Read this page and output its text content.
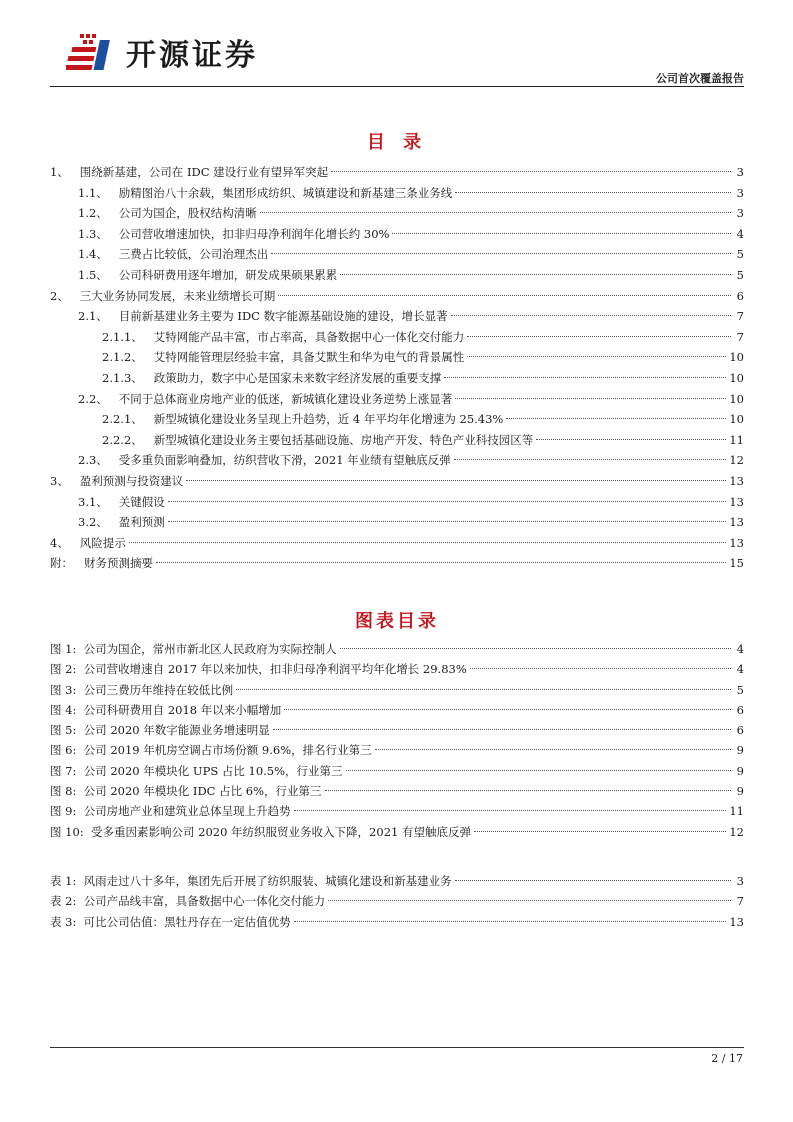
开源证券
公司首次覆盖报告
目 录
1、
围绕新基建，公司在 IDC 建设行业有望异军突起	3
1.1、
励精图治八十余载，集团形成纺织、城镇建设和新基建三条业务线	3
1.2、
公司为国企，股权结构清晰	3
1.3、
公司营收增速加快，扣非归母净利润年化增长约 30%	4
1.4、
三费占比较低，公司治理杰出	5
1.5、
公司科研费用逐年增加，研发成果硕果累累	5
2、
三大业务协同发展，未来业绩增长可期	6
2.1、
目前新基建业务主要为 IDC 数字能源基础设施的建设，增长显著	7
2.1.1、
艾特网能产品丰富，市占率高，具备数据中心一体化交付能力	7
2.1.2、
艾特网能管理层经验丰富，具备艾默生和华为电气的背景属性	10
2.1.3、
政策助力，数字中心是国家未来数字经济发展的重要支撑	10
2.2、
不同于总体商业房地产业的低迷，新城镇化建设业务逆势上涨显著	10
2.2.1、
新型城镇化建设业务呈现上升趋势，近 4 年平均年化增速为 25.43%	10
2.2.2、
新型城镇化建设业务主要包括基础设施、房地产开发、特色产业科技园区等	11
2.3、
受多重负面影响叠加，纺织营收下滑，2021 年业绩有望触底反弹	12
3、
盈利预测与投资建议	13
3.1、
关键假设	13
3.2、
盈利预测	13
4、
风险提示	13
附：
财务预测摘要	15
图表目录
图 1:
公司为国企，常州市新北区人民政府为实际控制人	4
图 2:
公司营收增速自 2017 年以来加快，扣非归母净利润平均年化增长 29.83%	4
图 3:
公司三费历年维持在较低比例	5
图 4:
公司科研费用自 2018 年以来小幅增加	6
图 5:
公司 2020 年数字能源业务增速明显	6
图 6:
公司 2019 年机房空调占市场份额 9.6%，排名行业第三	9
图 7:
公司 2020 年模块化 UPS 占比 10.5%，行业第三	9
图 8:
公司 2020 年模块化 IDC 占比 6%，行业第三	9
图 9:
公司房地产业和建筑业总体呈现上升趋势	11
图 10:
受多重因素影响公司 2020 年纺织服贸业务收入下降，2021 有望触底反弹	12
表 1:
风雨走过八十多年，集团先后开展了纺织服装、城镇化建设和新基建业务	3
表 2:
公司产品线丰富，具备数据中心一体化交付能力	7
表 3:
可比公司估值：黑牡丹存在一定估值优势	13
2 / 17
